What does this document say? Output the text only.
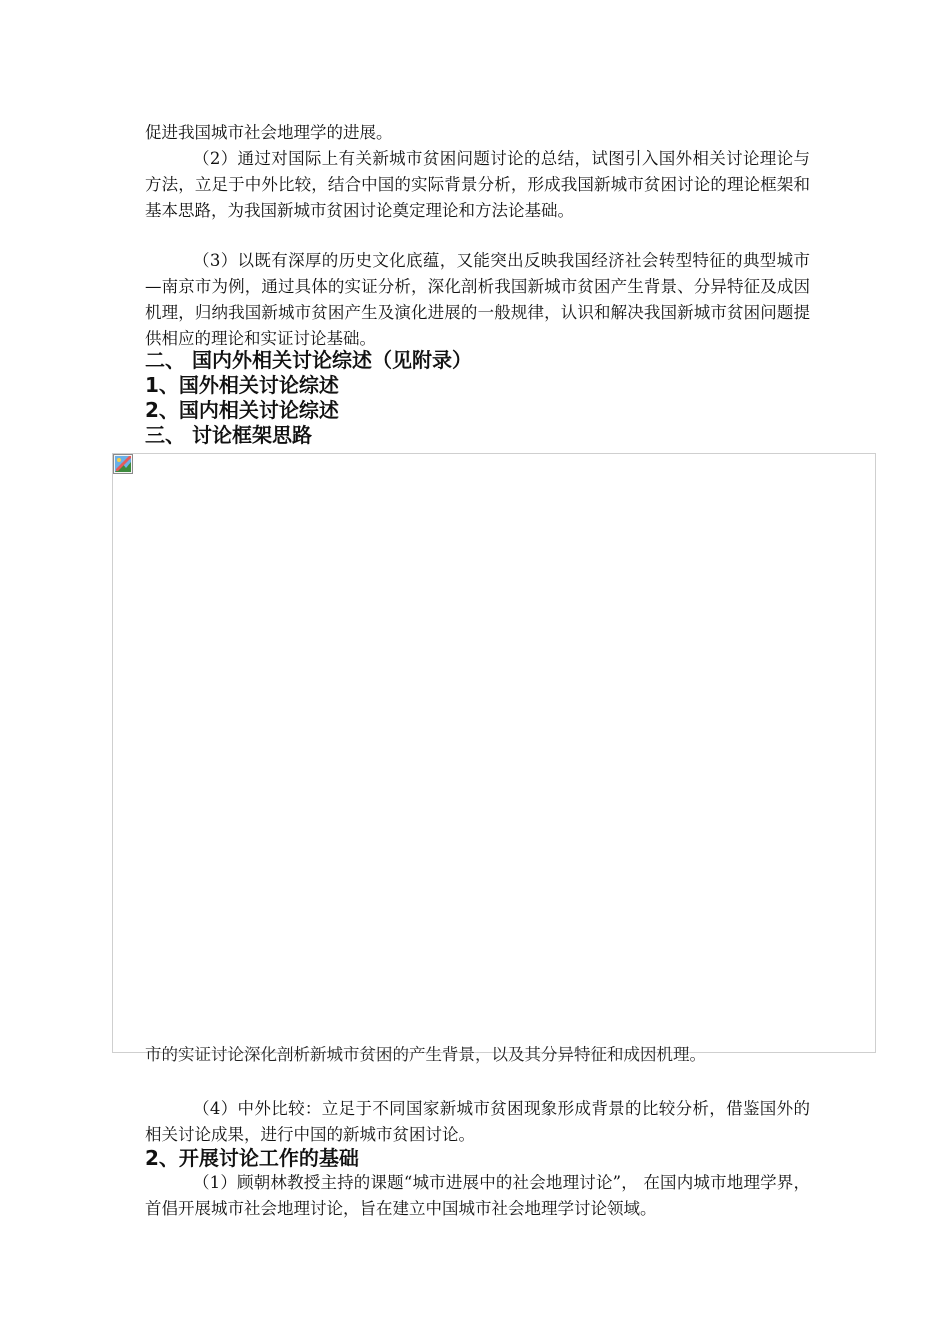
促进我国城市社会地理学的进展。

（2）通过对国际上有关新城市贫困问题讨论的总结，试图引入国外相关讨论理论与方法，立足于中外比较，结合中国的实际背景分析，形成我国新城市贫困讨论的理论框架和基本思路，为我国新城市贫困讨论奠定理论和方法论基础。

（3）以既有深厚的历史文化底蕴，又能突出反映我国经济社会转型特征的典型城市—南京市为例，通过具体的实证分析，深化剖析我国新城市贫困产生背景、分异特征及成因机理，归纳我国新城市贫困产生及演化进展的一般规律，认识和解决我国新城市贫困问题提供相应的理论和实证讨论基础。

二、 国内外相关讨论综述（见附录）
1、国外相关讨论综述
2、国内相关讨论综述
三、 讨论框架思路
市的实证讨论深化剖析新城市贫困的产生背景，以及其分异特征和成因机理。

（4）中外比较：立足于不同国家新城市贫困现象形成背景的比较分析，借鉴国外的相关讨论成果，进行中国的新城市贫困讨论。

2、开展讨论工作的基础

（1）顾朝林教授主持的课题“城市进展中的社会地理讨论”， 在国内城市地理学界，首倡开展城市社会地理讨论，旨在建立中国城市社会地理学讨论领域。
